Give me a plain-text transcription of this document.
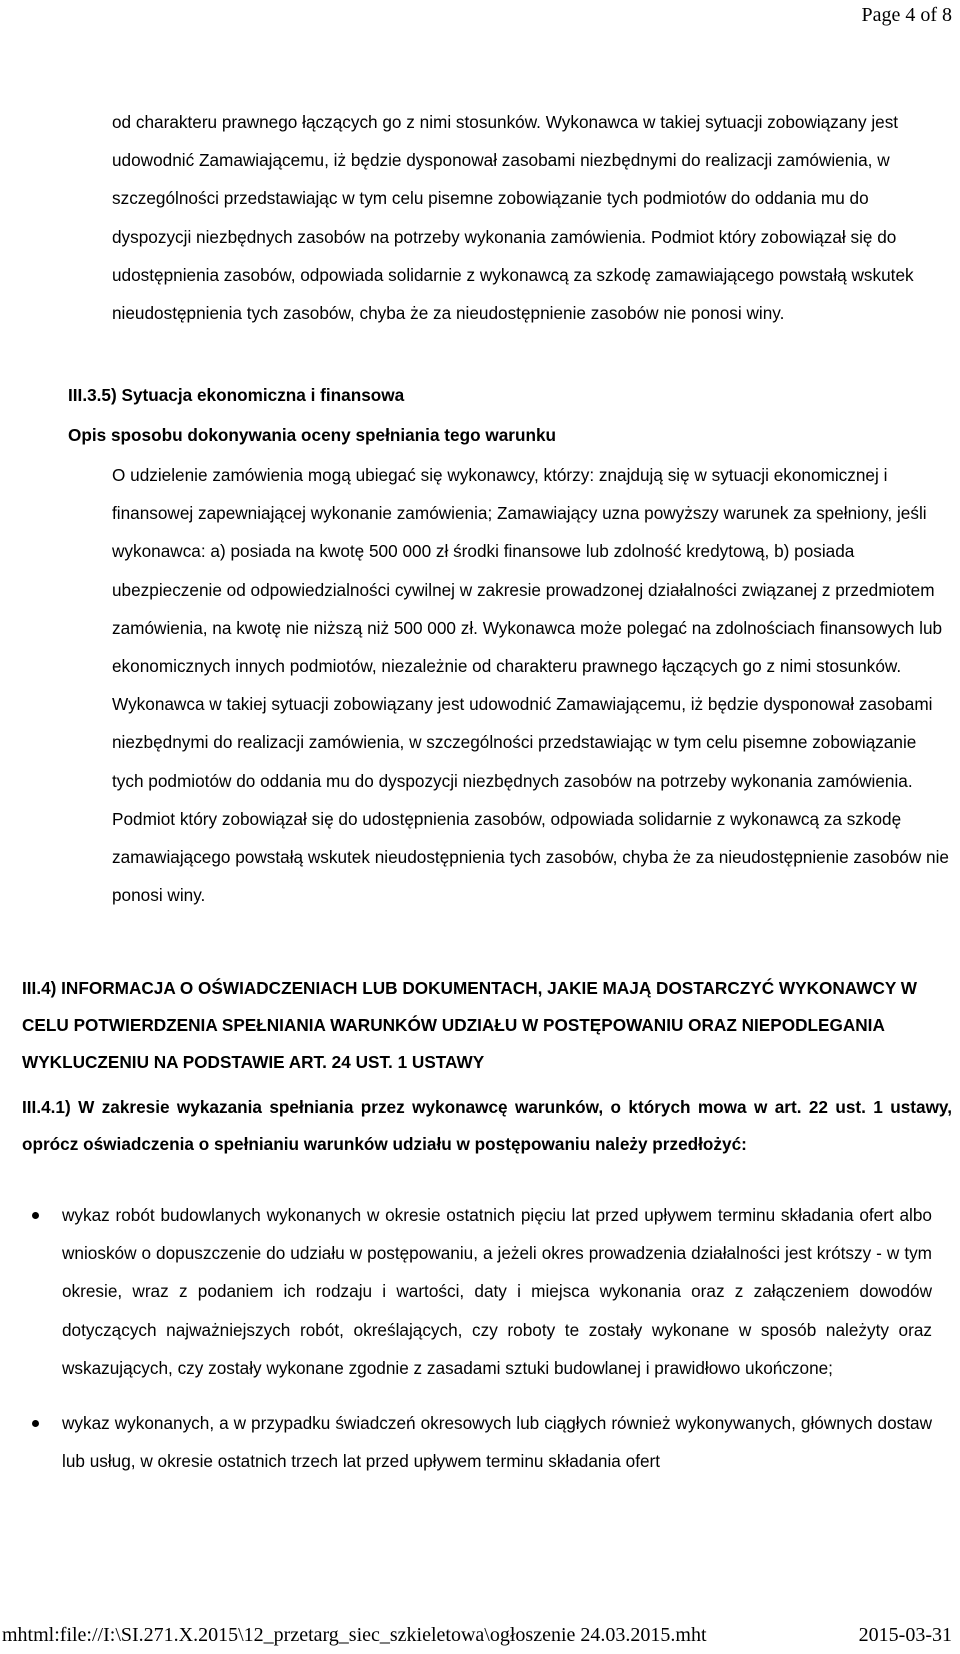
Page 4 of 8

od charakteru prawnego łączących go z nimi stosunków. Wykonawca w takiej sytuacji zobowiązany jest udowodnić Zamawiającemu, iż będzie dysponował zasobami niezbędnymi do realizacji zamówienia, w szczególności przedstawiając w tym celu pisemne zobowiązanie tych podmiotów do oddania mu do dyspozycji niezbędnych zasobów na potrzeby wykonania zamówienia. Podmiot który zobowiązał się do udostępnienia zasobów, odpowiada solidarnie z wykonawcą za szkodę zamawiającego powstałą wskutek nieudostępnienia tych zasobów, chyba że za nieudostępnienie zasobów nie ponosi winy.

III.3.5) Sytuacja ekonomiczna i finansowa
Opis sposobu dokonywania oceny spełniania tego warunku

O udzielenie zamówienia mogą ubiegać się wykonawcy, którzy: znajdują się w sytuacji ekonomicznej i finansowej zapewniającej wykonanie zamówienia; Zamawiający uzna powyższy warunek za spełniony, jeśli wykonawca: a) posiada na kwotę 500 000 zł środki finansowe lub zdolność kredytową, b) posiada ubezpieczenie od odpowiedzialności cywilnej w zakresie prowadzonej działalności związanej z przedmiotem zamówienia, na kwotę nie niższą niż 500 000 zł. Wykonawca może polegać na zdolnościach finansowych lub ekonomicznych innych podmiotów, niezależnie od charakteru prawnego łączących go z nimi stosunków. Wykonawca w takiej sytuacji zobowiązany jest udowodnić Zamawiającemu, iż będzie dysponował zasobami niezbędnymi do realizacji zamówienia, w szczególności przedstawiając w tym celu pisemne zobowiązanie tych podmiotów do oddania mu do dyspozycji niezbędnych zasobów na potrzeby wykonania zamówienia. Podmiot który zobowiązał się do udostępnienia zasobów, odpowiada solidarnie z wykonawcą za szkodę zamawiającego powstałą wskutek nieudostępnienia tych zasobów, chyba że za nieudostępnienie zasobów nie ponosi winy.

III.4) INFORMACJA O OŚWIADCZENIACH LUB DOKUMENTACH, JAKIE MAJĄ DOSTARCZYĆ WYKONAWCY W CELU POTWIERDZENIA SPEŁNIANIA WARUNKÓW UDZIAŁU W POSTĘPOWANIU ORAZ NIEPODLEGANIA WYKLUCZENIU NA PODSTAWIE ART. 24 UST. 1 USTAWY
III.4.1) W zakresie wykazania spełniania przez wykonawcę warunków, o których mowa w art. 22 ust. 1 ustawy, oprócz oświadczenia o spełnianiu warunków udziału w postępowaniu należy przedłożyć:
wykaz robót budowlanych wykonanych w okresie ostatnich pięciu lat przed upływem terminu składania ofert albo wniosków o dopuszczenie do udziału w postępowaniu, a jeżeli okres prowadzenia działalności jest krótszy - w tym okresie, wraz z podaniem ich rodzaju i wartości, daty i miejsca wykonania oraz z załączeniem dowodów dotyczących najważniejszych robót, określających, czy roboty te zostały wykonane w sposób należyty oraz wskazujących, czy zostały wykonane zgodnie z zasadami sztuki budowlanej i prawidłowo ukończone;
wykaz wykonanych, a w przypadku świadczeń okresowych lub ciągłych również wykonywanych, głównych dostaw lub usług, w okresie ostatnich trzech lat przed upływem terminu składania ofert
mhtml:file://I:\SI.271.X.2015\12_przetarg_siec_szkieletowa\ogłoszenie 24.03.2015.mht	2015-03-31
